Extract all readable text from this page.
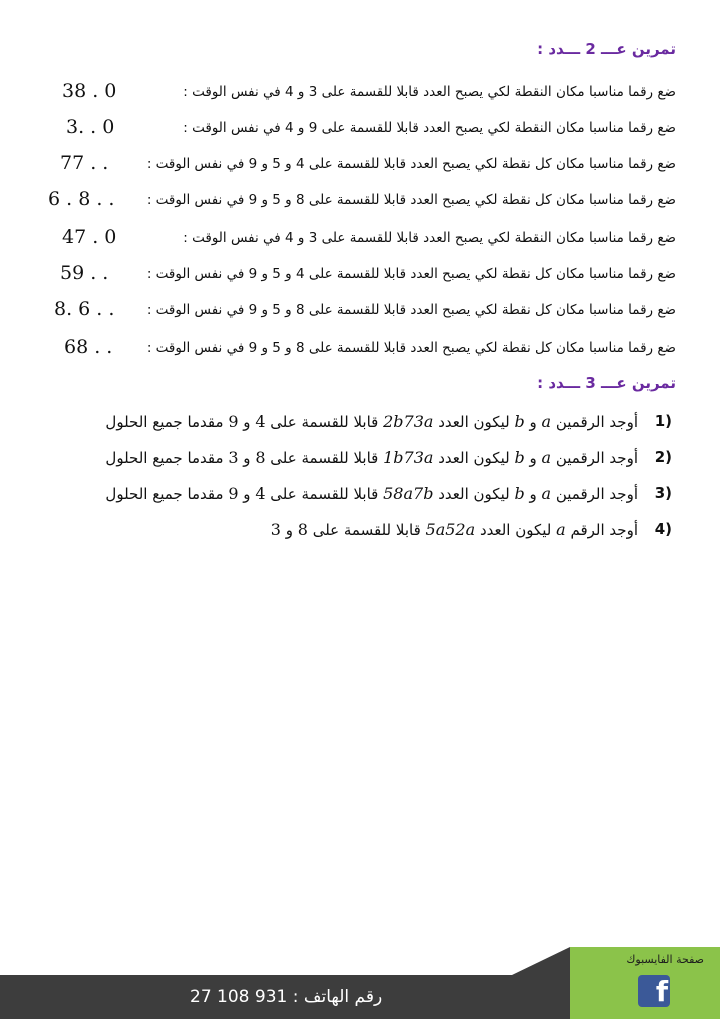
تمرين عـــ 2 ـــدد :
ضع رقما مناسبا مكان النقطة لكي يصبح العدد قابلا للقسمة على 3 و 4 في نفس الوقت :
38 . 0
ضع رقما مناسبا مكان النقطة لكي يصبح العدد قابلا للقسمة على 9 و 4 في نفس الوقت :
3. . 0
ضع رقما مناسبا مكان كل نقطة لكي يصبح العدد قابلا للقسمة على 4 و 5 و 9 في نفس الوقت :
77 . .
ضع رقما مناسبا مكان كل نقطة لكي يصبح العدد قابلا للقسمة على 8 و 5 و 9 في نفس الوقت :
6 . 8 . .
ضع رقما مناسبا مكان النقطة لكي يصبح العدد قابلا للقسمة على 3 و 4 في نفس الوقت :
47 . 0
ضع رقما مناسبا مكان كل نقطة لكي يصبح العدد قابلا للقسمة على 4 و 5 و 9 في نفس الوقت :
59 . .
ضع رقما مناسبا مكان كل نقطة لكي يصبح العدد قابلا للقسمة على 8 و 5 و 9 في نفس الوقت :
8. 6 . .
ضع رقما مناسبا مكان كل نقطة لكي يصبح العدد قابلا للقسمة على 8 و 5 و 9 في نفس الوقت :
68 . .
تمرين عـــ 3 ـــدد :
1)
أوجد الرقمين a و b ليكون العدد 2b73a قابلا للقسمة على 4 و 9 مقدما جميع الحلول
2)
أوجد الرقمين a و b ليكون العدد 1b73a قابلا للقسمة على 8 و 3 مقدما جميع الحلول
3)
أوجد الرقمين a و b ليكون العدد 58a7b قابلا للقسمة على 4 و 9 مقدما جميع الحلول
4)
أوجد الرقم a ليكون العدد 5a52a قابلا للقسمة على 8 و 3
رقم الهاتف : 931 108 27
صفحة الفايسبوك
f
